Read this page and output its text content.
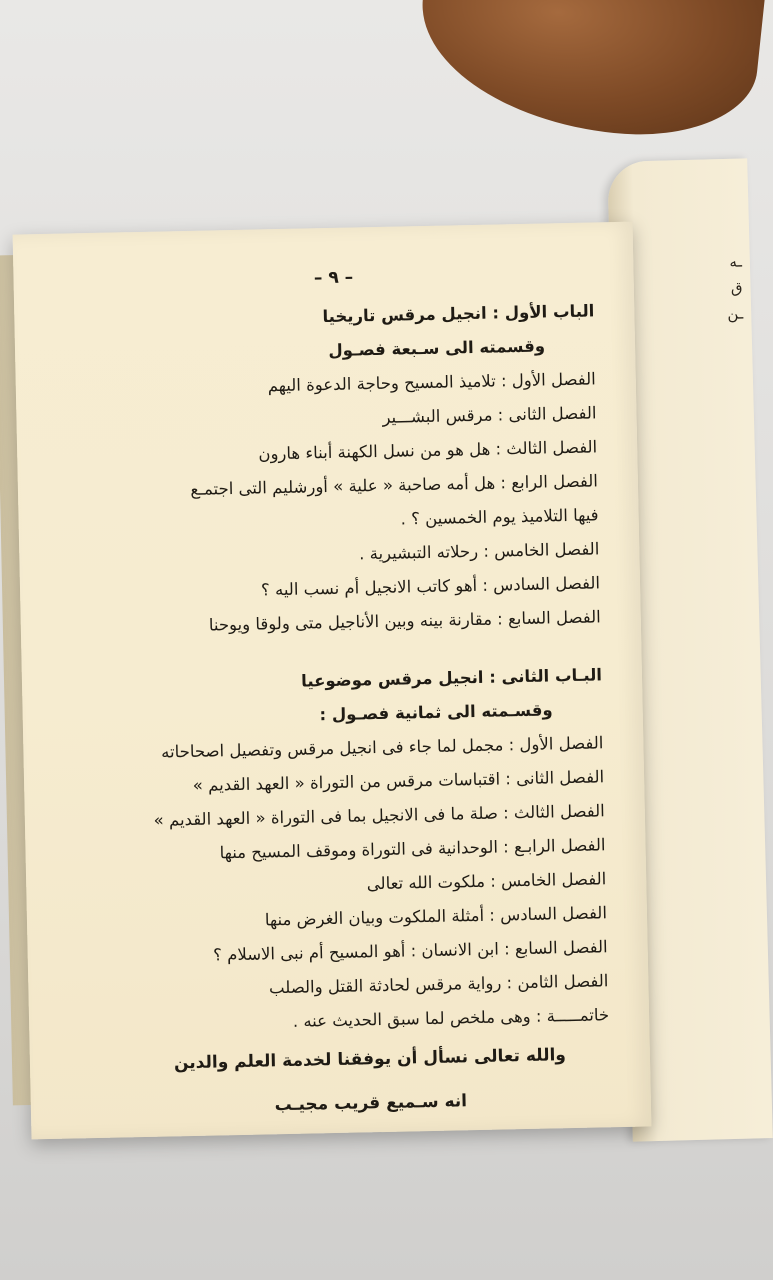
ـه
ق
ـن
– ٩ –
الباب الأول : انجيل مرقس تاريخيا
وقسمته الى سـبعة فصـول
الفصل الأول : تلاميذ المسيح وحاجة الدعوة اليهم
الفصل الثانى : مرقس البشـــير
الفصل الثالث : هل هو من نسل الكهنة أبناء هارون
الفصل الرابع : هل أمه صاحبة « علية » أورشليم التى اجتمـع
فيها التلاميذ يوم الخمسين ؟ .
الفصل الخامس : رحلاته التبشيرية .
الفصل السادس : أهو كاتب الانجيل أم نسب اليه ؟
الفصل السابع : مقارنة بينه وبين الأناجيل متى ولوقا ويوحنا
البـاب الثانى : انجيل مرقس موضوعيا
وقسـمته الى ثمانية فصـول :
الفصل الأول : مجمل لما جاء فى انجيل مرقس وتفصيل اصحاحاته
الفصل الثانى : اقتباسات مرقس من التوراة « العهد القديم »
الفصل الثالث : صلة ما فى الانجيل بما فى التوراة « العهد القديم »
الفصل الرابـع : الوحدانية فى التوراة وموقف المسيح منها
الفصل الخامس : ملكوت الله تعالى
الفصل السادس : أمثلة الملكوت وبيان الغرض منها
الفصل السابع : ابن الانسان : أهو المسيح أم نبى الاسلام ؟
الفصل الثامن : رواية مرقس لحادثة القتل والصلب
خاتمـــــة : وهى ملخص لما سبق الحديث عنه .
والله تعالى نسأل أن يوفقنا لخدمة العلم والدين
انه سـميع قريب مجيـب
